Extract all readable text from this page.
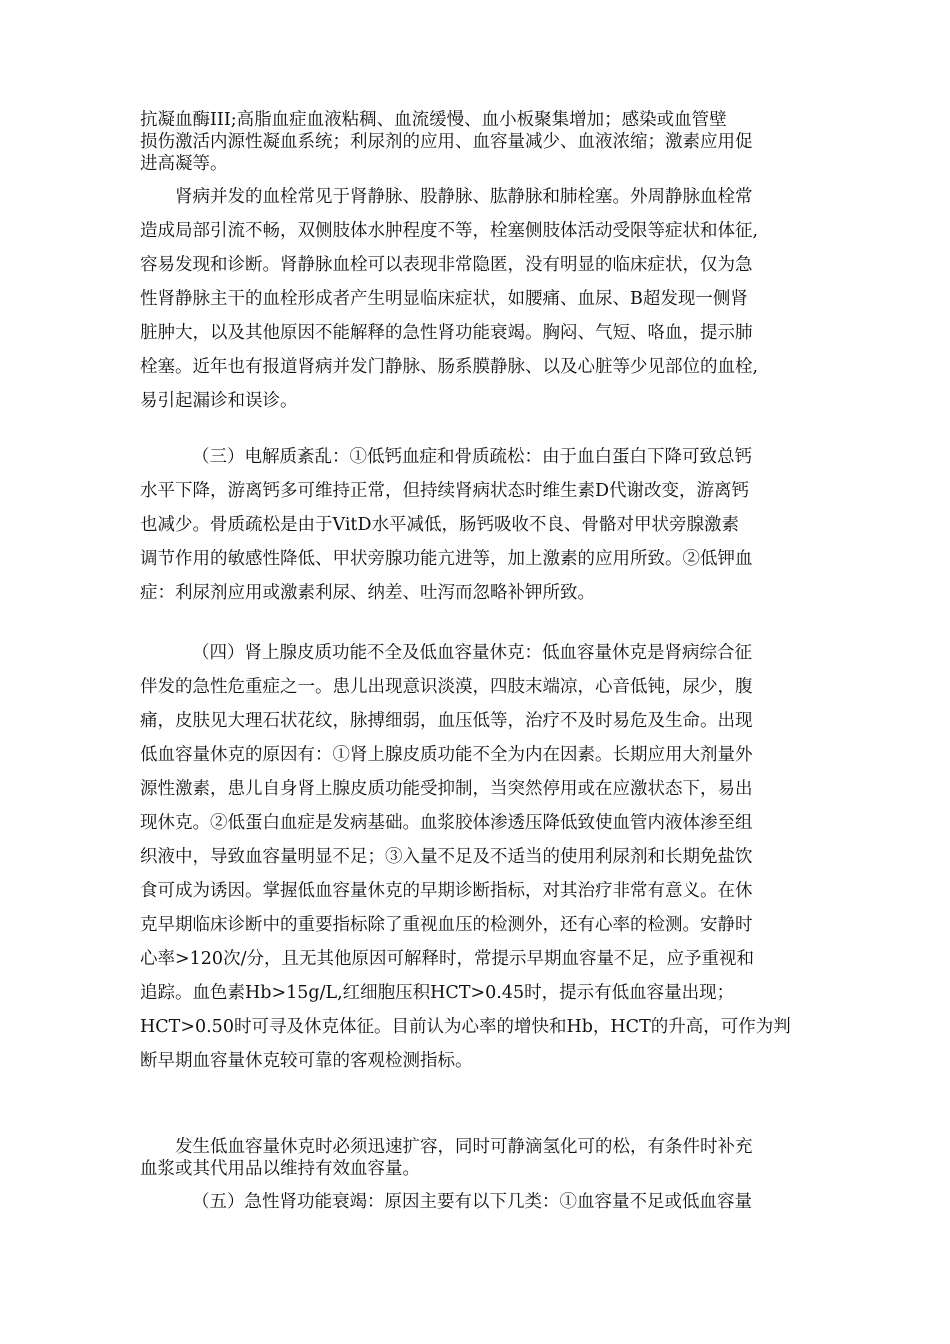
抗凝血酶III;高脂血症血液粘稠、血流缓慢、血小板聚集增加；感染或血管壁
损伤激活内源性凝血系统；利尿剂的应用、血容量减少、血液浓缩；激素应用促
进高凝等。
肾病并发的血栓常见于肾静脉、股静脉、肱静脉和肺栓塞。外周静脉血栓常
造成局部引流不畅，双侧肢体水肿程度不等，栓塞侧肢体活动受限等症状和体征,
容易发现和诊断。肾静脉血栓可以表现非常隐匿，没有明显的临床症状，仅为急
性肾静脉主干的血栓形成者产生明显临床症状，如腰痛、血尿、B超发现一侧肾
脏肿大，以及其他原因不能解释的急性肾功能衰竭。胸闷、气短、咯血，提示肺
栓塞。近年也有报道肾病并发门静脉、肠系膜静脉、以及心脏等少见部位的血栓,
易引起漏诊和误诊。
（三）电解质紊乱：①低钙血症和骨质疏松：由于血白蛋白下降可致总钙
水平下降，游离钙多可维持正常，但持续肾病状态时维生素D代谢改变，游离钙
也减少。骨质疏松是由于VitD水平减低，肠钙吸收不良、骨骼对甲状旁腺激素
调节作用的敏感性降低、甲状旁腺功能亢进等，加上激素的应用所致。②低钾血
症：利尿剂应用或激素利尿、纳差、吐泻而忽略补钾所致。
（四）肾上腺皮质功能不全及低血容量休克：低血容量休克是肾病综合征
伴发的急性危重症之一。患儿出现意识淡漠，四肢末端凉，心音低钝，尿少，腹
痛，皮肤见大理石状花纹，脉搏细弱，血压低等，治疗不及时易危及生命。出现
低血容量休克的原因有：①肾上腺皮质功能不全为内在因素。长期应用大剂量外
源性激素，患儿自身肾上腺皮质功能受抑制，当突然停用或在应激状态下，易出
现休克。②低蛋白血症是发病基础。血浆胶体渗透压降低致使血管内液体渗至组
织液中，导致血容量明显不足；③入量不足及不适当的使用利尿剂和长期免盐饮
食可成为诱因。掌握低血容量休克的早期诊断指标，对其治疗非常有意义。在休
克早期临床诊断中的重要指标除了重视血压的检测外，还有心率的检测。安静时
心率>120次/分，且无其他原因可解释时，常提示早期血容量不足，应予重视和
追踪。血色素Hb>15g/L,红细胞压积HCT>0.45时，提示有低血容量出现；
HCT>0.50时可寻及休克体征。目前认为心率的增快和Hb，HCT的升高，可作为判
断早期血容量休克较可靠的客观检测指标。
发生低血容量休克时必须迅速扩容，同时可静滴氢化可的松，有条件时补充
血浆或其代用品以维持有效血容量。
（五）急性肾功能衰竭：原因主要有以下几类：①血容量不足或低血容量
